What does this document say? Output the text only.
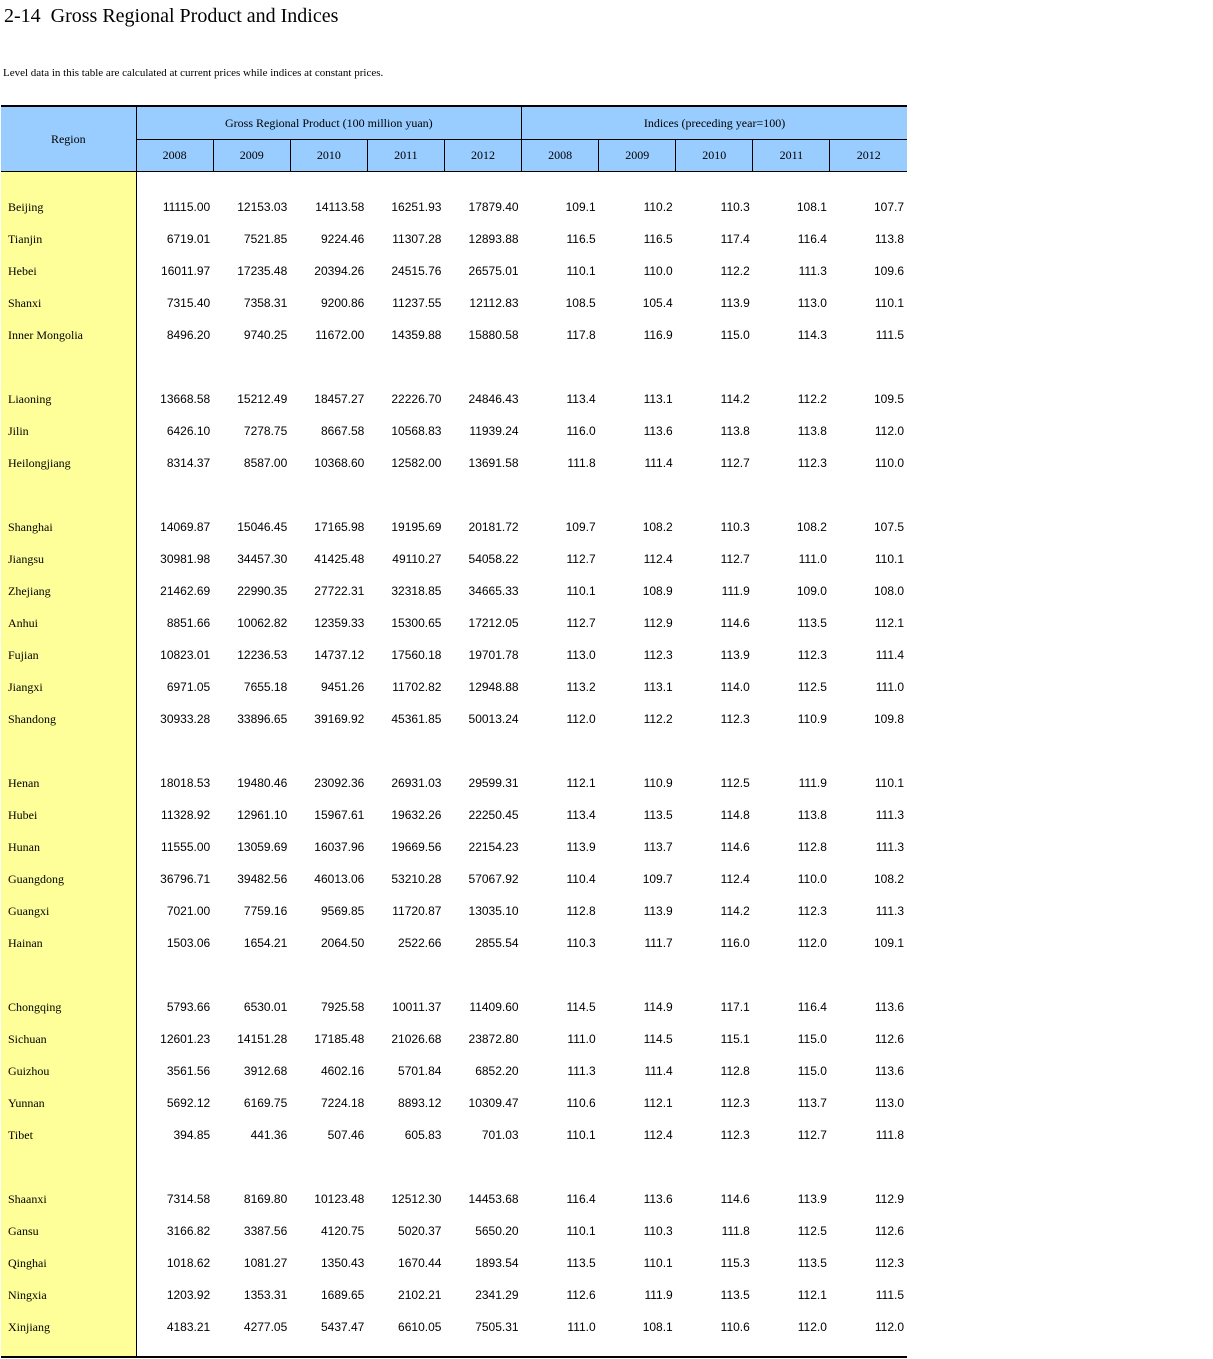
2-14  Gross Regional Product and Indices
Level data in this table are calculated at current prices while indices at constant prices.
Region	Gross Regional Product (100 million yuan)					Indices (preceding year=100)				
	2008	2009	2010	2011	2012	2008	2009	2010	2011	2012

Beijing	11115.00	12153.03	14113.58	16251.93	17879.40	109.1	110.2	110.3	108.1	107.7
Tianjin	6719.01	7521.85	9224.46	11307.28	12893.88	116.5	116.5	117.4	116.4	113.8
Hebei	16011.97	17235.48	20394.26	24515.76	26575.01	110.1	110.0	112.2	111.3	109.6
Shanxi	7315.40	7358.31	9200.86	11237.55	12112.83	108.5	105.4	113.9	113.0	110.1
Inner Mongolia	8496.20	9740.25	11672.00	14359.88	15880.58	117.8	116.9	115.0	114.3	111.5

Liaoning	13668.58	15212.49	18457.27	22226.70	24846.43	113.4	113.1	114.2	112.2	109.5
Jilin	6426.10	7278.75	8667.58	10568.83	11939.24	116.0	113.6	113.8	113.8	112.0
Heilongjiang	8314.37	8587.00	10368.60	12582.00	13691.58	111.8	111.4	112.7	112.3	110.0

Shanghai	14069.87	15046.45	17165.98	19195.69	20181.72	109.7	108.2	110.3	108.2	107.5
Jiangsu	30981.98	34457.30	41425.48	49110.27	54058.22	112.7	112.4	112.7	111.0	110.1
Zhejiang	21462.69	22990.35	27722.31	32318.85	34665.33	110.1	108.9	111.9	109.0	108.0
Anhui	8851.66	10062.82	12359.33	15300.65	17212.05	112.7	112.9	114.6	113.5	112.1
Fujian	10823.01	12236.53	14737.12	17560.18	19701.78	113.0	112.3	113.9	112.3	111.4
Jiangxi	6971.05	7655.18	9451.26	11702.82	12948.88	113.2	113.1	114.0	112.5	111.0
Shandong	30933.28	33896.65	39169.92	45361.85	50013.24	112.0	112.2	112.3	110.9	109.8

Henan	18018.53	19480.46	23092.36	26931.03	29599.31	112.1	110.9	112.5	111.9	110.1
Hubei	11328.92	12961.10	15967.61	19632.26	22250.45	113.4	113.5	114.8	113.8	111.3
Hunan	11555.00	13059.69	16037.96	19669.56	22154.23	113.9	113.7	114.6	112.8	111.3
Guangdong	36796.71	39482.56	46013.06	53210.28	57067.92	110.4	109.7	112.4	110.0	108.2
Guangxi	7021.00	7759.16	9569.85	11720.87	13035.10	112.8	113.9	114.2	112.3	111.3
Hainan	1503.06	1654.21	2064.50	2522.66	2855.54	110.3	111.7	116.0	112.0	109.1

Chongqing	5793.66	6530.01	7925.58	10011.37	11409.60	114.5	114.9	117.1	116.4	113.6
Sichuan	12601.23	14151.28	17185.48	21026.68	23872.80	111.0	114.5	115.1	115.0	112.6
Guizhou	3561.56	3912.68	4602.16	5701.84	6852.20	111.3	111.4	112.8	115.0	113.6
Yunnan	5692.12	6169.75	7224.18	8893.12	10309.47	110.6	112.1	112.3	113.7	113.0
Tibet	394.85	441.36	507.46	605.83	701.03	110.1	112.4	112.3	112.7	111.8

Shaanxi	7314.58	8169.80	10123.48	12512.30	14453.68	116.4	113.6	114.6	113.9	112.9
Gansu	3166.82	3387.56	4120.75	5020.37	5650.20	110.1	110.3	111.8	112.5	112.6
Qinghai	1018.62	1081.27	1350.43	1670.44	1893.54	113.5	110.1	115.3	113.5	112.3
Ningxia	1203.92	1353.31	1689.65	2102.21	2341.29	112.6	111.9	113.5	112.1	111.5
Xinjiang	4183.21	4277.05	5437.47	6610.05	7505.31	111.0	108.1	110.6	112.0	112.0
